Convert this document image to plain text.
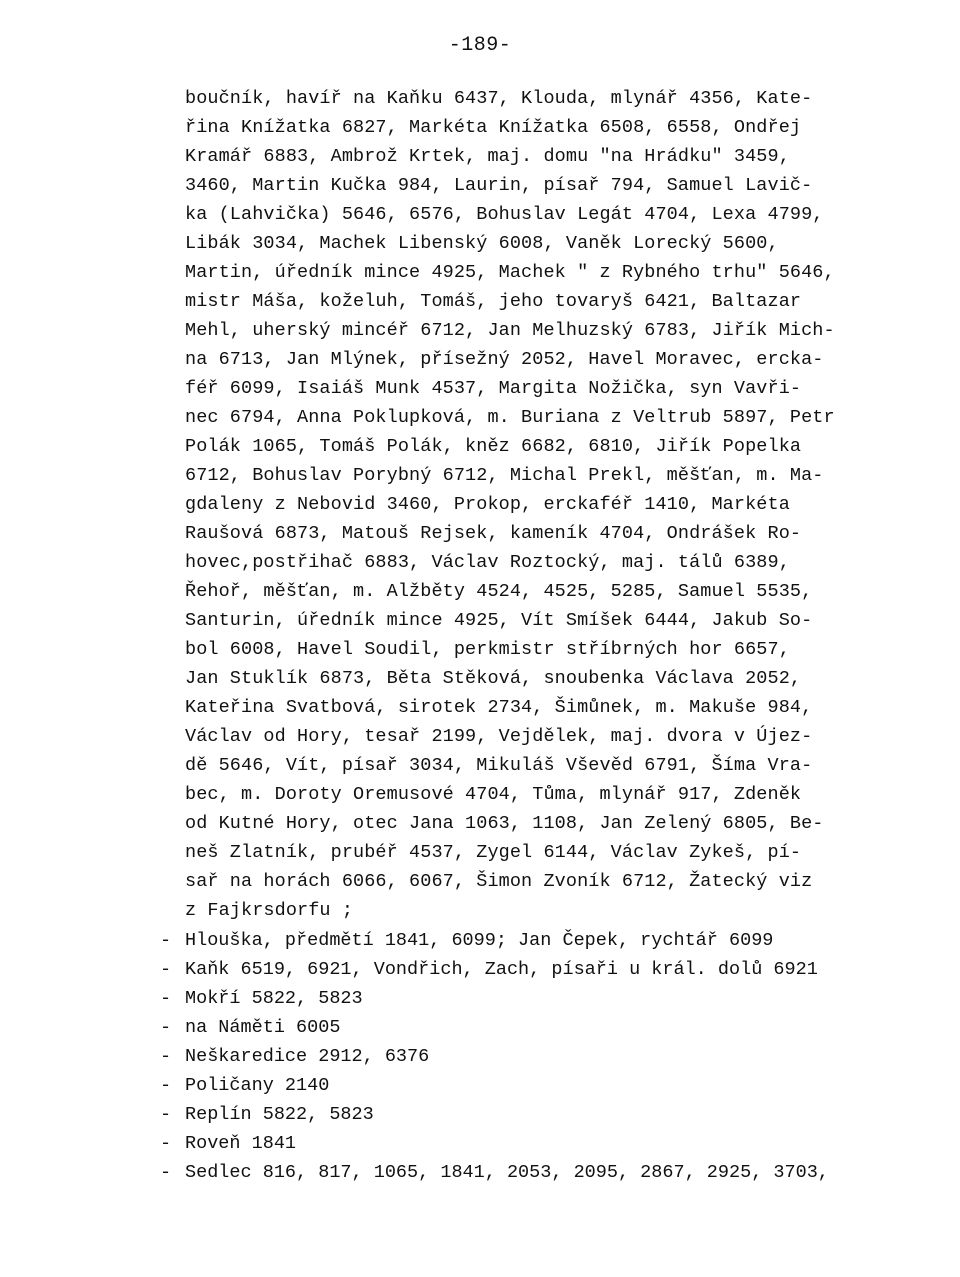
-189-
boučník, havíř na Kaňku 6437, Klouda, mlynář 4356, Kate-
řina Knížatka 6827, Markéta Knížatka 6508, 6558, Ondřej
Kramář 6883, Ambrož Krtek, maj. domu "na Hrádku" 3459,
3460, Martin Kučka 984, Laurin, písař 794, Samuel Lavič-
ka (Lahvička) 5646, 6576, Bohuslav Legát 4704, Lexa 4799,
Libák 3034, Machek Libenský 6008, Vaněk Lorecký 5600,
Martin, úředník mince 4925, Machek " z Rybného trhu" 5646,
mistr Máša, koželuh, Tomáš, jeho tovaryš 6421, Baltazar
Mehl, uherský mincéř 6712, Jan Melhuzský 6783, Jiřík Mich-
na 6713, Jan Mlýnek, přísežný 2052, Havel Moravec, ercka-
féř 6099, Isaiáš Munk 4537, Margita Nožička, syn Vavři-
nec 6794, Anna Poklupková, m. Buriana z Veltrub 5897, Petr
Polák 1065, Tomáš Polák, kněz 6682, 6810, Jiřík Popelka
6712, Bohuslav Porybný 6712, Michal Prekl, měšťan, m. Ma-
gdaleny z Nebovid 3460, Prokop, erckaféř 1410, Markéta
Raušová 6873, Matouš Rejsek, kameník 4704, Ondrášek Ro-
hovec,postřihač 6883, Václav Roztocký, maj. tálů 6389,
Řehoř, měšťan, m. Alžběty 4524, 4525, 5285, Samuel 5535,
Santurin, úředník mince 4925, Vít Smíšek 6444, Jakub So-
bol 6008, Havel Soudil, perkmistr stříbrných hor 6657,
Jan Stuklík 6873, Běta Stěková, snoubenka Václava 2052,
Kateřina Svatbová, sirotek 2734, Šimůnek, m. Makuše 984,
Václav od Hory, tesař 2199, Vejdělek, maj. dvora v Újez-
dě 5646, Vít, písař 3034, Mikuláš Vševěd 6791, Šíma Vra-
bec, m. Doroty Oremusové 4704, Tůma, mlynář 917, Zdeněk
od Kutné Hory, otec Jana 1063, 1108, Jan Zelený 6805, Be-
neš Zlatník, prubéř 4537, Zygel 6144, Václav Zykeš, pí-
sař na horách 6066, 6067, Šimon Zvoník 6712, Žatecký viz
z Fajkrsdorfu ;
- Hlouška, předmětí 1841, 6099; Jan Čepek, rychtář 6099
- Kaňk 6519, 6921, Vondřich, Zach, písaři u král. dolů 6921
- Mokří 5822, 5823
- na Náměti 6005
- Neškaredice 2912, 6376
- Poličany 2140
- Replín 5822, 5823
- Roveň 1841
- Sedlec 816, 817, 1065, 1841, 2053, 2095, 2867, 2925, 3703,
